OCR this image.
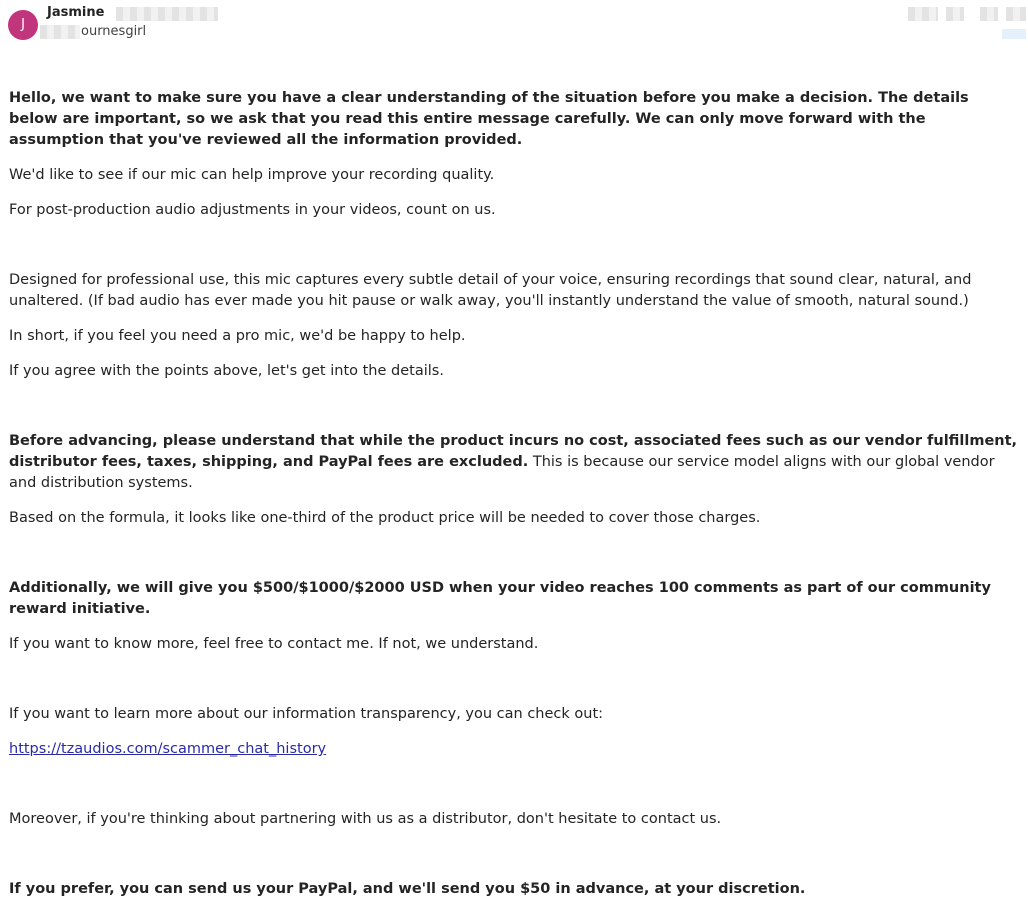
J
Jasmine
ournesgirl

Hello, we want to make sure you have a clear understanding of the situation before you make a decision. The details below are important, so we ask that you read this entire message carefully. We can only move forward with the assumption that you've reviewed all the information provided.

We'd like to see if our mic can help improve your recording quality.

For post-production audio adjustments in your videos, count on us.

Designed for professional use, this mic captures every subtle detail of your voice, ensuring recordings that sound clear, natural, and unaltered. (If bad audio has ever made you hit pause or walk away, you'll instantly understand the value of smooth, natural sound.)

In short, if you feel you need a pro mic, we'd be happy to help.

If you agree with the points above, let's get into the details.

Before advancing, please understand that while the product incurs no cost, associated fees such as our vendor fulfillment, distributor fees, taxes, shipping, and PayPal fees are excluded. This is because our service model aligns with our global vendor and distribution systems.

Based on the formula, it looks like one-third of the product price will be needed to cover those charges.

Additionally, we will give you $500/$1000/$2000 USD when your video reaches 100 comments as part of our community reward initiative.

If you want to know more, feel free to contact me. If not, we understand.

If you want to learn more about our information transparency, you can check out:

https://tzaudios.com/scammer_chat_history

Moreover, if you're thinking about partnering with us as a distributor, don't hesitate to contact us.

If you prefer, you can send us your PayPal, and we'll send you $50 in advance, at your discretion.
